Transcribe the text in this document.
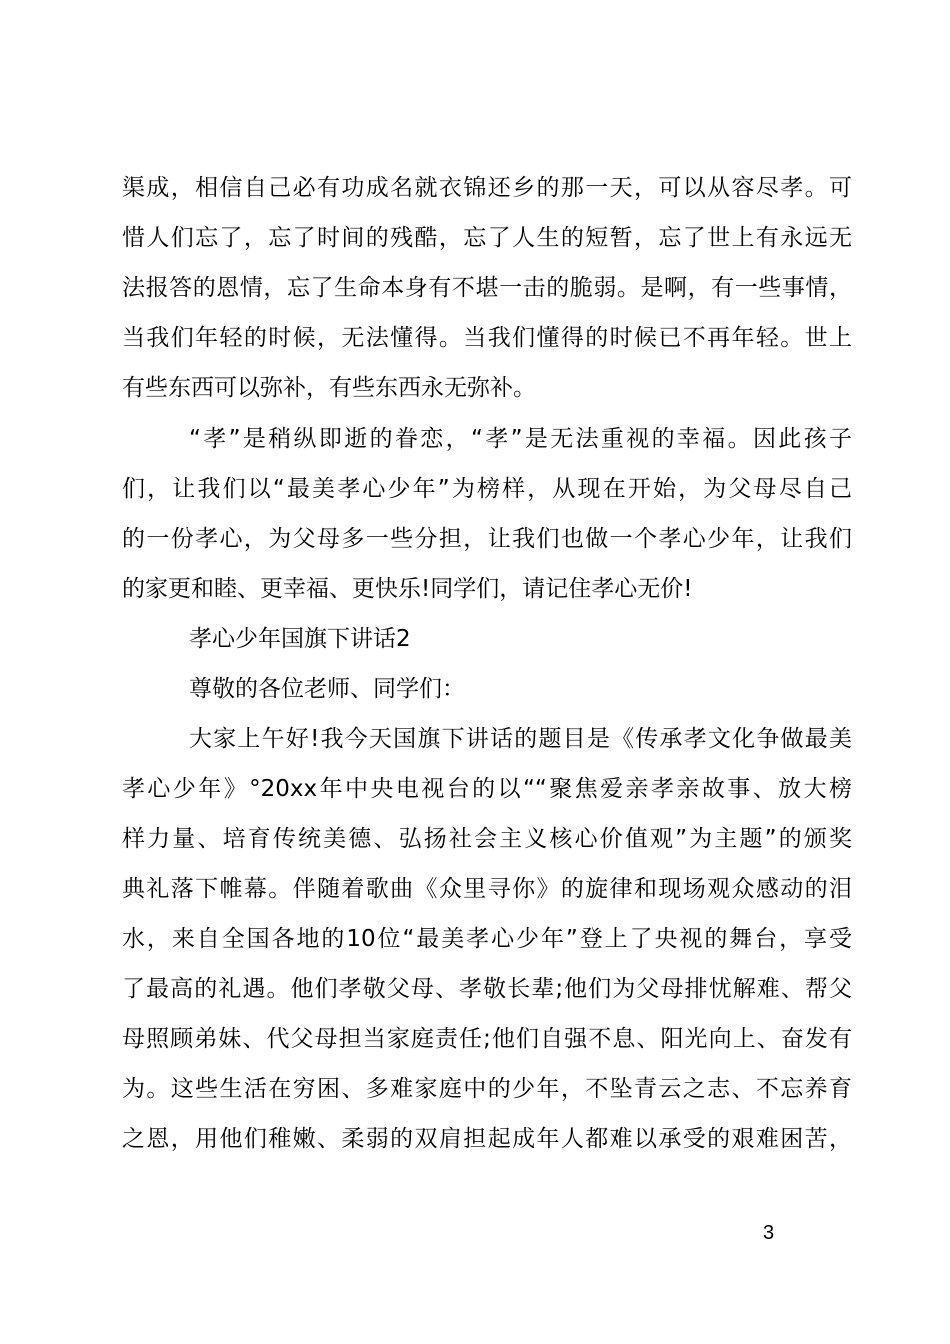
渠成，相信自己必有功成名就衣锦还乡的那一天，可以从容尽孝。可
惜人们忘了，忘了时间的残酷，忘了人生的短暂，忘了世上有永远无
法报答的恩情，忘了生命本身有不堪一击的脆弱。是啊，有一些事情，
当我们年轻的时候，无法懂得。当我们懂得的时候已不再年轻。世上
有些东西可以弥补，有些东西永无弥补。
“孝”是稍纵即逝的眷恋，“孝”是无法重视的幸福。因此孩子
们，让我们以“最美孝心少年”为榜样，从现在开始，为父母尽自己
的一份孝心，为父母多一些分担，让我们也做一个孝心少年，让我们
的家更和睦、更幸福、更快乐!同学们，请记住孝心无价!
孝心少年国旗下讲话2
尊敬的各位老师、同学们：
大家上午好!我今天国旗下讲话的题目是《传承孝文化争做最美
孝心少年》°20xx年中央电视台的以““聚焦爱亲孝亲故事、放大榜
样力量、培育传统美德、弘扬社会主义核心价值观”为主题”的颁奖
典礼落下帷幕。伴随着歌曲《众里寻你》的旋律和现场观众感动的泪
水，来自全国各地的10位“最美孝心少年”登上了央视的舞台，享受
了最高的礼遇。他们孝敬父母、孝敬长辈;他们为父母排忧解难、帮父
母照顾弟妹、代父母担当家庭责任;他们自强不息、阳光向上、奋发有
为。这些生活在穷困、多难家庭中的少年，不坠青云之志、不忘养育
之恩，用他们稚嫩、柔弱的双肩担起成年人都难以承受的艰难困苦，
3
